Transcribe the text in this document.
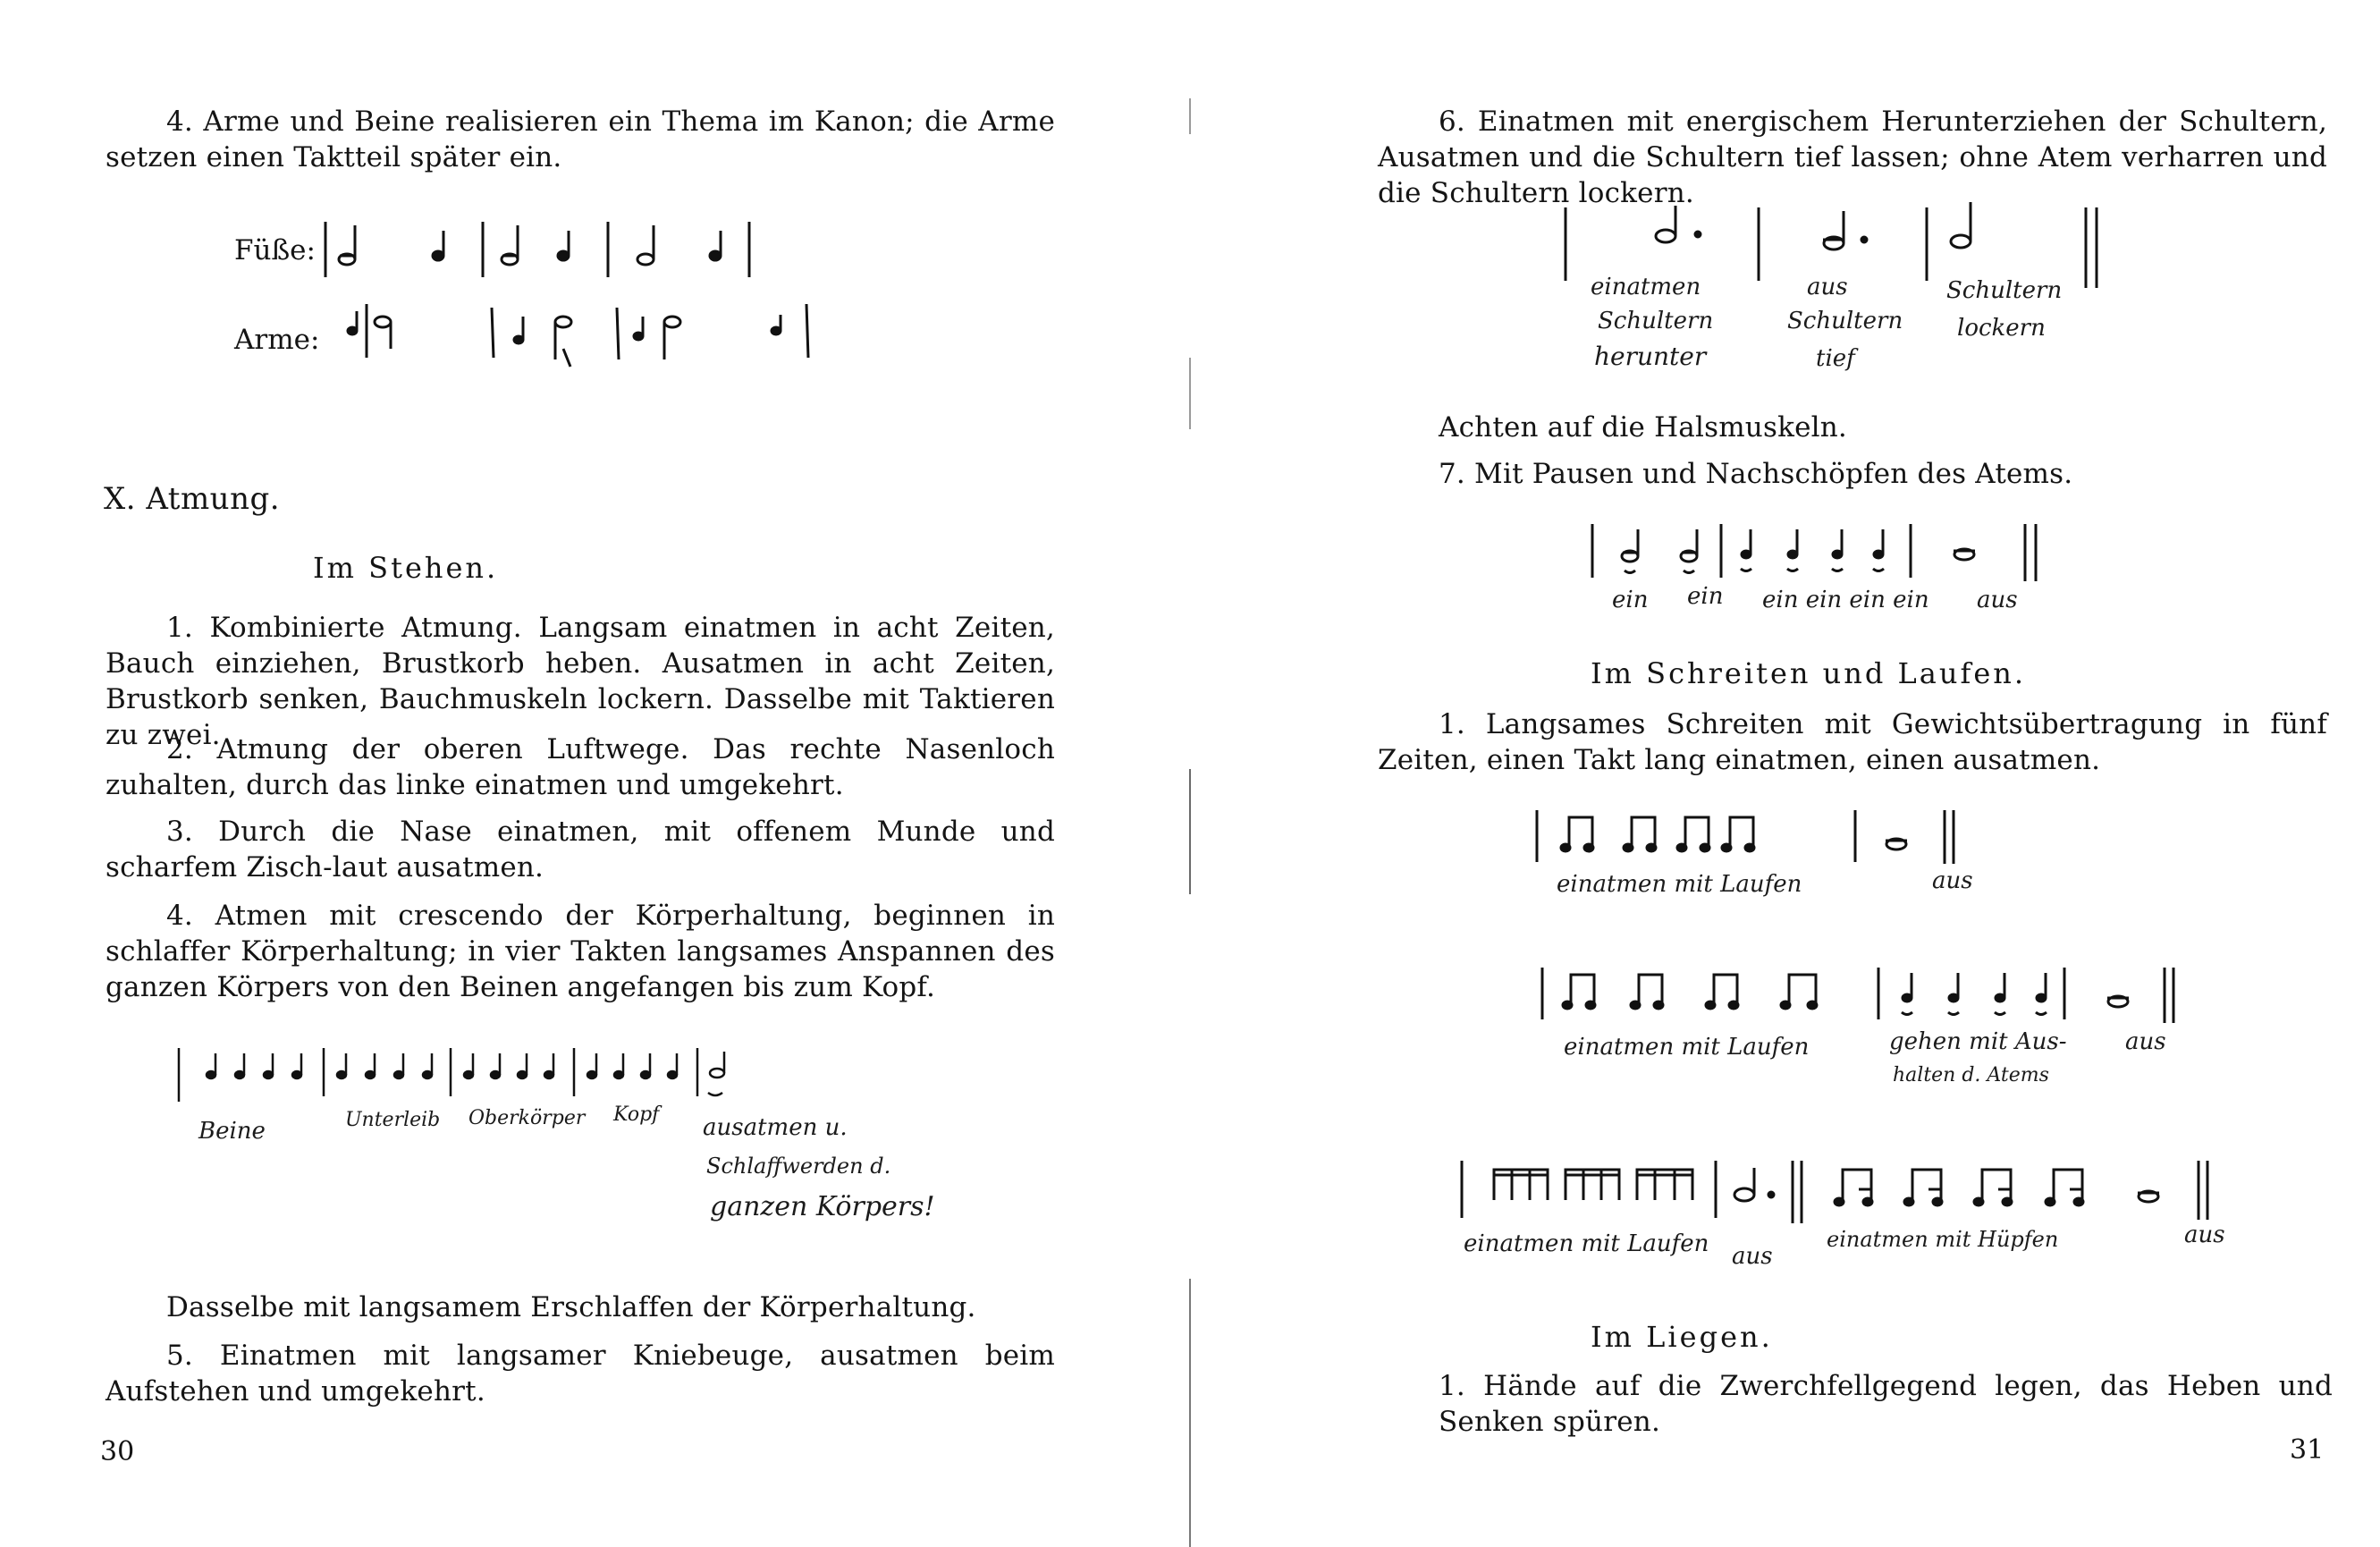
4. Arme und Beine realisieren ein Thema im Kanon; die Arme setzen einen Taktteil später ein.
Füße:
Arme:
X. Atmung.
Im Stehen.
1. Kombinierte Atmung. Langsam einatmen in acht Zeiten, Bauch einziehen, Brustkorb heben. Ausatmen in acht Zeiten, Brustkorb senken, Bauchmuskeln lockern. Dasselbe mit Taktieren zu zwei.
2. Atmung der oberen Luftwege. Das rechte Nasenloch zuhalten, durch das linke einatmen und umgekehrt.
3. Durch die Nase einatmen, mit offenem Munde und scharfem Zisch-laut ausatmen.
4. Atmen mit crescendo der Körperhaltung, beginnen in schlaffer Körperhaltung; in vier Takten langsames Anspannen des ganzen Körpers von den Beinen angefangen bis zum Kopf.
Beine	Unterleib Oberkörper Kopf ausatmen u.
Schlaffwerden d.
ganzen Körpers!
Dasselbe mit langsamem Erschlaffen der Körperhaltung.
5. Einatmen mit langsamer Kniebeuge, ausatmen beim Aufstehen und umgekehrt.
30
6. Einatmen mit energischem Herunterziehen der Schultern, Ausatmen und die Schultern tief lassen; ohne Atem verharren und die Schultern lockern.
einatmen
Schultern
herunter
aus
Schultern
tief
Schultern
lockern
Achten auf die Halsmuskeln.
7. Mit Pausen und Nachschöpfen des Atems.
ein ein ein ein ein ein aus
Im Schreiten und Laufen.
1. Langsames Schreiten mit Gewichtsübertragung in fünf Zeiten, einen Takt lang einatmen, einen ausatmen.
einatmen mit Laufen	aus
einatmen mit Laufen	gehen mit Aus-
halten d. Atems
aus
einatmen mit Laufen aus
einatmen mit Hüpfen	aus
Im Liegen.
1. Hände auf die Zwerchfellgegend legen, das Heben und Senken spüren.
31
